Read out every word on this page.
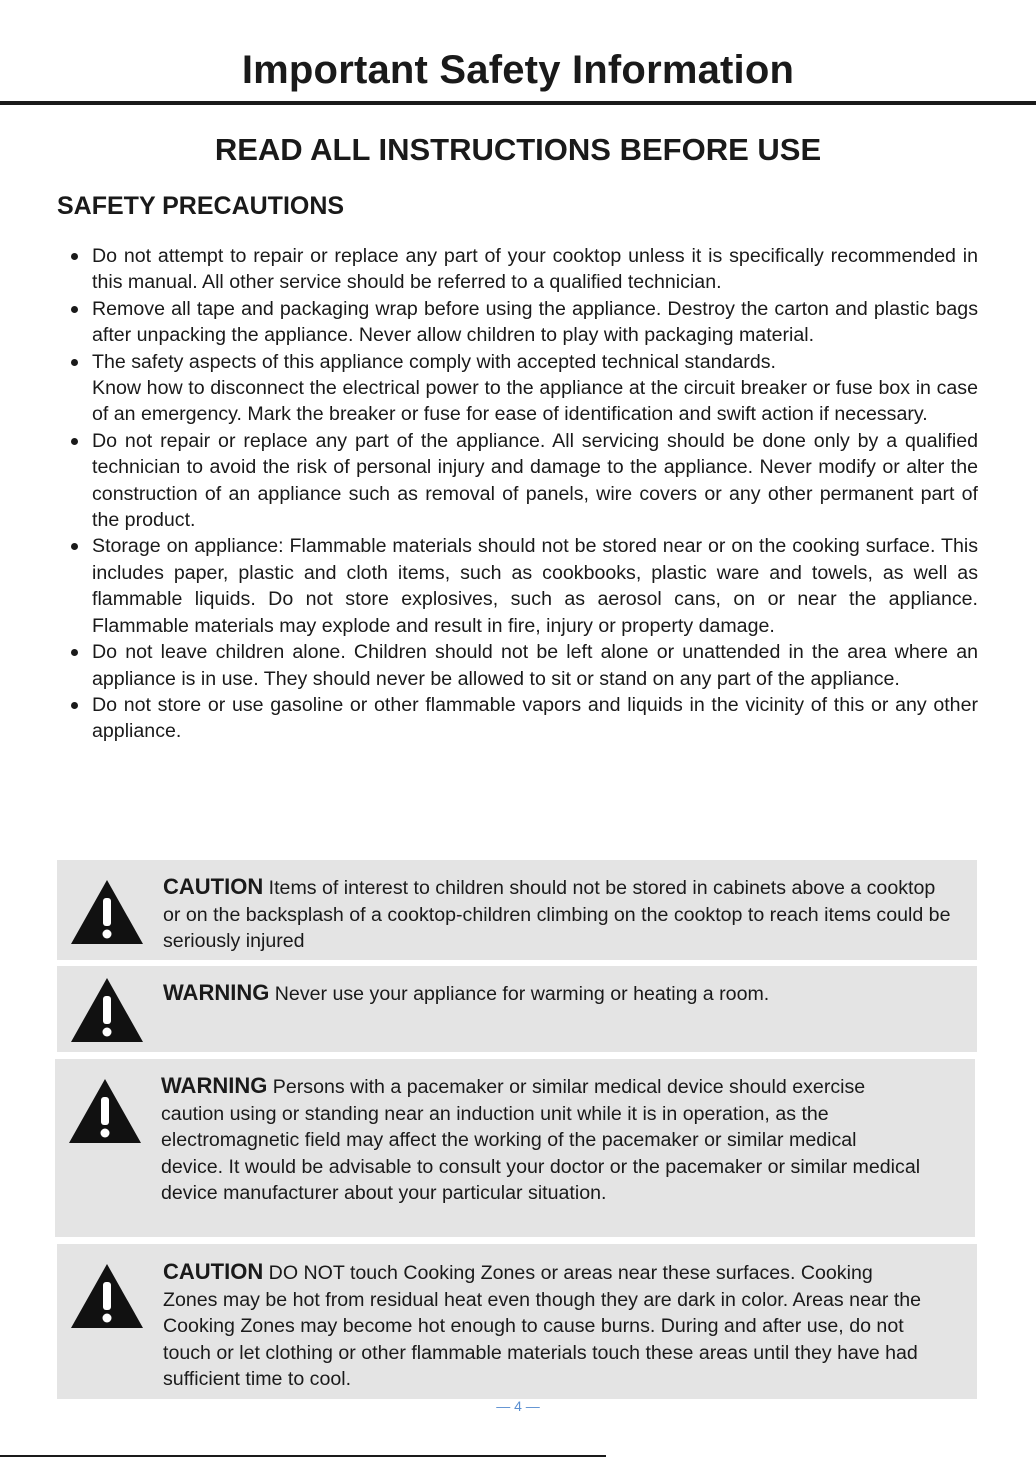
Important Safety Information
READ ALL INSTRUCTIONS BEFORE USE
SAFETY PRECAUTIONS
Do not attempt to repair or replace any part of your cooktop unless it is specifically recommended in this manual. All other service should be referred to a qualified technician.
Remove all tape and packaging wrap before using the appliance. Destroy the carton and plastic bags after unpacking the appliance. Never allow children to play with packaging material.
The safety aspects of this appliance comply with accepted technical standards.
Know how to disconnect the electrical power to the appliance at the circuit breaker or fuse box in case of an emergency. Mark the breaker or fuse for ease of identification and swift action if necessary.
Do not repair or replace any part of the appliance. All servicing should be done only by a qualified technician to avoid the risk of personal injury and damage to the appliance. Never modify or alter the construction of an appliance such as removal of panels, wire covers or any other permanent part of the product.
Storage on appliance: Flammable materials should not be stored near or on the cooking surface. This includes paper, plastic and cloth items, such as cookbooks, plastic ware and towels, as well as flammable liquids. Do not store explosives, such as aerosol cans, on or near the appliance. Flammable materials may explode and result in fire, injury or property damage.
Do not leave children alone. Children should not be left alone or unattended in the area where an appliance is in use. They should never be allowed to sit or stand on any part of the appliance.
Do not store or use gasoline or other flammable vapors and liquids in the vicinity of this or any other appliance.
CAUTION Items of interest to children should not be stored in cabinets above a cooktop or on the backsplash of a cooktop-children climbing on the cooktop to reach items could be seriously injured
WARNING Never use your appliance for warming or heating a room.
WARNING Persons with a pacemaker or similar medical device should exercise caution using or standing near an induction unit while it is in operation, as the electromagnetic field may affect the working of the pacemaker or similar medical device. It would be advisable to consult your doctor or the pacemaker or similar medical device manufacturer about your particular situation.
CAUTION DO NOT touch Cooking Zones or areas near these surfaces. Cooking Zones may be hot from residual heat even though they are dark in color. Areas near the Cooking Zones may become hot enough to cause burns. During and after use, do not touch or let clothing or other flammable materials touch these areas until they have had sufficient time to cool.
— 4 —
